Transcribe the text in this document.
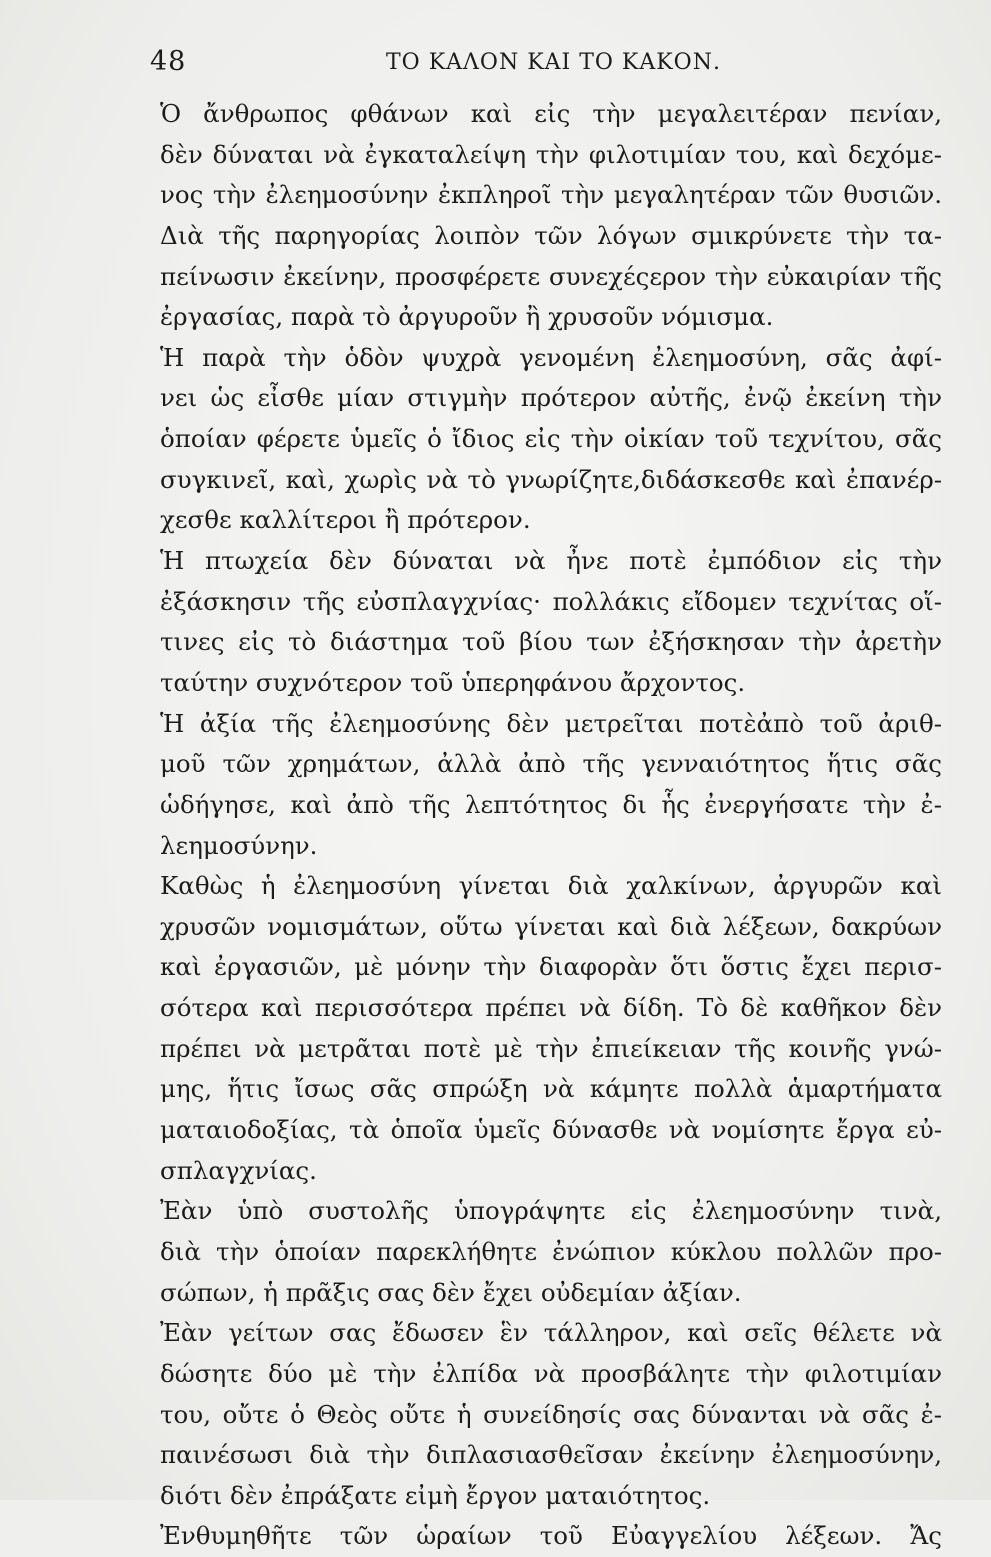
48	ΤΟ ΚΑΛΟΝ ΚΑΙ ΤΟ ΚΑΚΟΝ.
Ὁ ἄνθρωπος φθάνων καὶ εἰς τὴν μεγαλειτέραν πενίαν,
δὲν δύναται νὰ ἐγκαταλείψη τὴν φιλοτιμίαν του, καὶ δεχόμε-
νος τὴν ἐλεημοσύνην ἐκπληροῖ τὴν μεγαλητέραν τῶν θυσιῶν.
Διὰ τῆς παρηγορίας λοιπὸν τῶν λόγων σμικρύνετε τὴν τα-
πείνωσιν ἐκείνην, προσφέρετε συνεχέςερον τὴν εὐκαιρίαν τῆς
ἐργασίας, παρὰ τὸ ἀργυροῦν ἢ χρυσοῦν νόμισμα.
Ἡ παρὰ τὴν ὁδὸν ψυχρὰ γενομένη ἐλεημοσύνη, σᾶς ἀφί-
νει ὡς εἶσθε μίαν στιγμὴν πρότερον αὐτῆς, ἐνῷ ἐκείνη τὴν
ὁποίαν φέρετε ὑμεῖς ὁ ἴδιος εἰς τὴν οἰκίαν τοῦ τεχνίτου, σᾶς
συγκινεῖ, καὶ, χωρὶς νὰ τὸ γνωρίζητε,διδάσκεσθε καὶ ἐπανέρ-
χεσθε καλλίτεροι ἢ πρότερον.
Ἡ πτωχεία δὲν δύναται νὰ ἦνε ποτὲ ἐμπόδιον εἰς τὴν
ἐξάσκησιν τῆς εὐσπλαγχνίας· πολλάκις εἴδομεν τεχνίτας οἵ-
τινες εἰς τὸ διάστημα τοῦ βίου των ἐξήσκησαν τὴν ἀρετὴν
ταύτην συχνότερον τοῦ ὑπερηφάνου ἄρχοντος.
Ἡ ἀξία τῆς ἐλεημοσύνης δὲν μετρεῖται ποτὲἀπὸ τοῦ ἀριθ-
μοῦ τῶν χρημάτων, ἀλλὰ ἀπὸ τῆς γενναιότητος ἥτις σᾶς
ὡδήγησε, καὶ ἀπὸ τῆς λεπτότητος δι ἧς ἐνεργήσατε τὴν ἐ-
λεημοσύνην.
Καθὼς ἡ ἐλεημοσύνη γίνεται διὰ χαλκίνων, ἀργυρῶν καὶ
χρυσῶν νομισμάτων, οὕτω γίνεται καὶ διὰ λέξεων, δακρύων
καὶ ἐργασιῶν, μὲ μόνην τὴν διαφορὰν ὅτι ὅστις ἔχει περισ-
σότερα καὶ περισσότερα πρέπει νὰ δίδη. Τὸ δὲ καθῆκον δὲν
πρέπει νὰ μετρᾶται ποτὲ μὲ τὴν ἐπιείκειαν τῆς κοινῆς γνώ-
μης, ἥτις ἴσως σᾶς σπρώξη νὰ κάμητε πολλὰ ἁμαρτήματα
ματαιοδοξίας, τὰ ὁποῖα ὑμεῖς δύνασθε νὰ νομίσητε ἔργα εὐ-
σπλαγχνίας.
Ἐὰν ὑπὸ συστολῆς ὑπογράψητε εἰς ἐλεημοσύνην τινὰ,
διὰ τὴν ὁποίαν παρεκλήθητε ἐνώπιον κύκλου πολλῶν προ-
σώπων, ἡ πρᾶξις σας δὲν ἔχει οὐδεμίαν ἀξίαν.
Ἐὰν γείτων σας ἔδωσεν ἓν τάλληρον, καὶ σεῖς θέλετε νὰ
δώσητε δύο μὲ τὴν ἐλπίδα νὰ προσβάλητε τὴν φιλοτιμίαν
του, οὔτε ὁ Θεὸς οὔτε ἡ συνείδησίς σας δύνανται νὰ σᾶς ἐ-
παινέσωσι διὰ τὴν διπλασιασθεῖσαν ἐκείνην ἐλεημοσύνην,
διότι δὲν ἐπράξατε εἰμὴ ἔργον ματαιότητος.
Ἐνθυμηθῆτε τῶν ὡραίων τοῦ Εὐαγγελίου λέξεων. Ἄς
